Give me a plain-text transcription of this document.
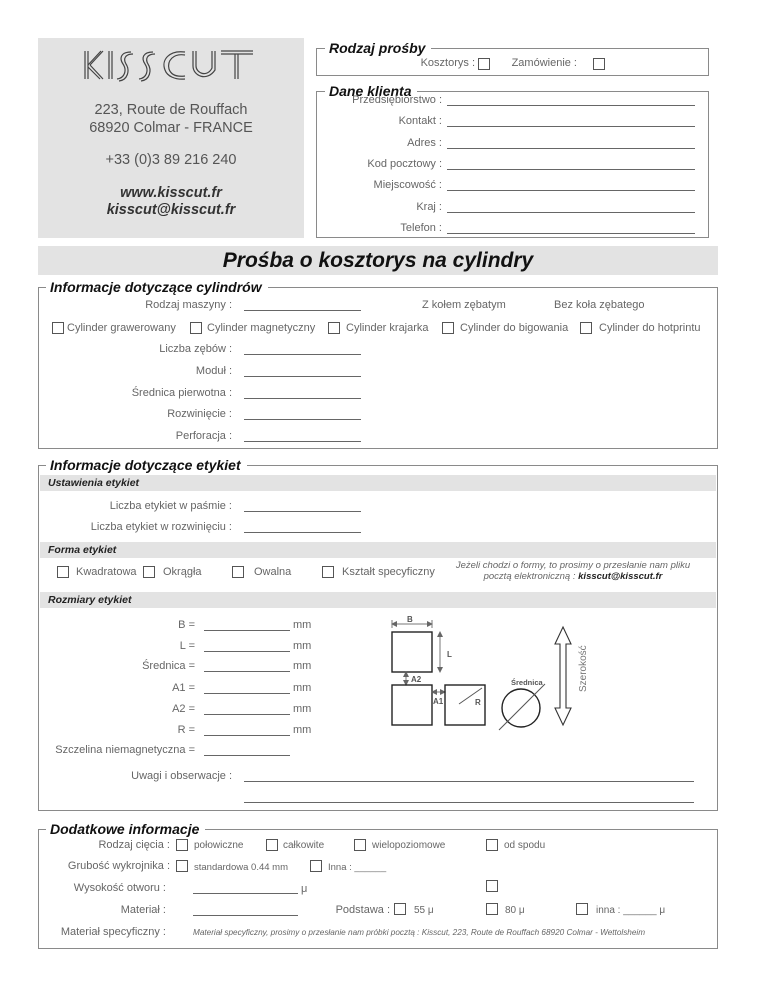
223, Route de Rouffach
68920 Colmar - FRANCE
+33 (0)3 89 216 240
www.kisscut.fr
kisscut@kisscut.fr
Rodzaj prośby
Kosztorys :	Zamówienie :
Dane klienta
Przedsiębiorstwo :
Kontakt :
Adres :
Kod pocztowy :
Miejscowość :
Kraj :
Telefon :
Prośba o kosztorys na cylindry
Informacje dotyczące cylindrów
Rodzaj maszyny :	Z kołem zębatym	Bez koła zębatego
Cylinder grawerowany	Cylinder magnetyczny	Cylinder krajarka	Cylinder do bigowania	Cylinder do hotprintu
Liczba zębów :
Moduł :
Średnica pierwotna :
Rozwinięcie :
Perforacja :
Informacje dotyczące etykiet
Ustawienia etykiet
Liczba etykiet w paśmie :
Liczba etykiet w rozwinięciu :
Forma etykiet
Kwadratowa Okrągła	Owalna	Kształt specyficzny
Jeżeli chodzi o formy, to prosimy o przesłanie nam pliku
pocztą elektroniczną : kisscut@kisscut.fr
Rozmiary etykiet
B =	mm
L =	mm
Średnica =	mm
A1 =	mm
A2 =	mm
R =	mm
Szczelina niemagnetyczna =
B
L
A2
A1	R
Średnica	Szerokość
Uwagi i obserwacje :
Dodatkowe informacje
Rodzaj cięcia : połowiczne	całkowite	wielopoziomowe	od spodu
Grubość wykrojnika :	standardowa 0.44 mm	Inna : ______
Wysokość otworu :	μ
Materiał :	Podstawa : 55 μ	80 μ	inna : ______ μ
Materiał specyficzny :	Materiał specyficzny, prosimy o przesłanie nam próbki pocztą : Kisscut, 223, Route de Rouffach 68920 Colmar - Wettolsheim
